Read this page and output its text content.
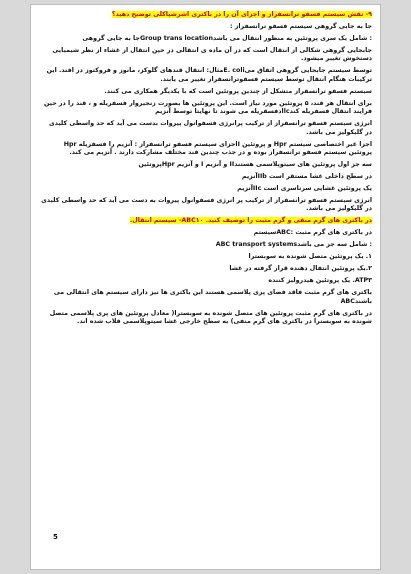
۹- نقش سیستم فسفو ترانسفراز و اجزای آن را در باکتری اشرشیاکلی توضیح دهید؟

جا به جایی گروهی سیستم فسفو ترانسفراز :

: شامل یک سری پروتئین به منظور انتقال می باشدGroup trans locationجا به جایی گروهی

جابجایی گروهی شکالی از انتقال است که در آن ماده ی انتقالی در حین انتقال از غشاء از نظر شیمیایی دستخوش تغییر میشود.

توسط سیستم جابجایی گروهی اتفاق میE. coliمثال: انتقال قندهای گلوکز، مانوز و فروکتوز در افتد. این ترکیبات هنگام انتقال توسط سیستم فسفوترانسفراز تغییر می یابند.

سیستم فسفو ترانسفراز متشکل از چندین پروتئین است که با یکدیگر همکاری می کنند.

برای انتقال هر قند، ۵ پروتئین مورد نیاز است. این پروتئین ها بصورت زنجیروار فسفریله و ، قند را در حین فرایند انتقال فسفریله کندllcدفسفریله می شوند تا نهایتا توسط آنزیم

انرژی سیستم فسفو ترانسفراز از ترکیب پرانرژی فسفوانول پیروات بدست می آید که حد واسطی کلیدی در گلیکولیز می باشد.

اجزا غیر اختصاصی سیستم Hpr و پروتئین Iاجزای سیستم فسفو ترانسفراز : آنزیم را فسفریله Hpr پروتئین سیستم فسفو ترانسفراز بوده و در جذب چندین قند مختلف مشارکت دارند . آنزیم می کند.

سه جز اول پروتئین های سیتوپلاسمی هستندII و آنزیم I و آنزیم Hprپروتئین

در سطح داخلی غشا مستقر است IIbآنزیم

یک پروتئین غشایی سرتاسری است IIcآنزیم

انرژی سیستم فسفو ترانسفراز از ترکیب پر انرژی فسفوانول پیروات به دست می آید که حد واسطی کلیدی در گلیکولیز می باشد.

در باکتری های گرم منفی و گرم مثبت را توصیف کنید. ABC۱۰- سیستم انتقال.

در باکتری های گرم مثبت :ABCسیستم

: شامل سه جز می باشدABC transport systems

۱. یک پروتئین متصل شونده به سوبسترا

۲.یک پروتئین انتقال دهنده قرار گرفته در غشا

ATP۳. یک پروتئین هیدرولیز کننده

باکتری های گرم مثبت فاقد فضای پری پلاسمی هستند این باکتری ها نیز دارای سیستم های انتقالی می باشندABC

در باکتری های گرم مثبت پروتئین های متصل شونده به سوبسترا( معادل پروتئین های پری پلاسمی متصل شونده به سوبسترا در باکتری های گرم منفی) به سطح خارجی غشا سیتوپلاسمی قلاب شده اند.

5
